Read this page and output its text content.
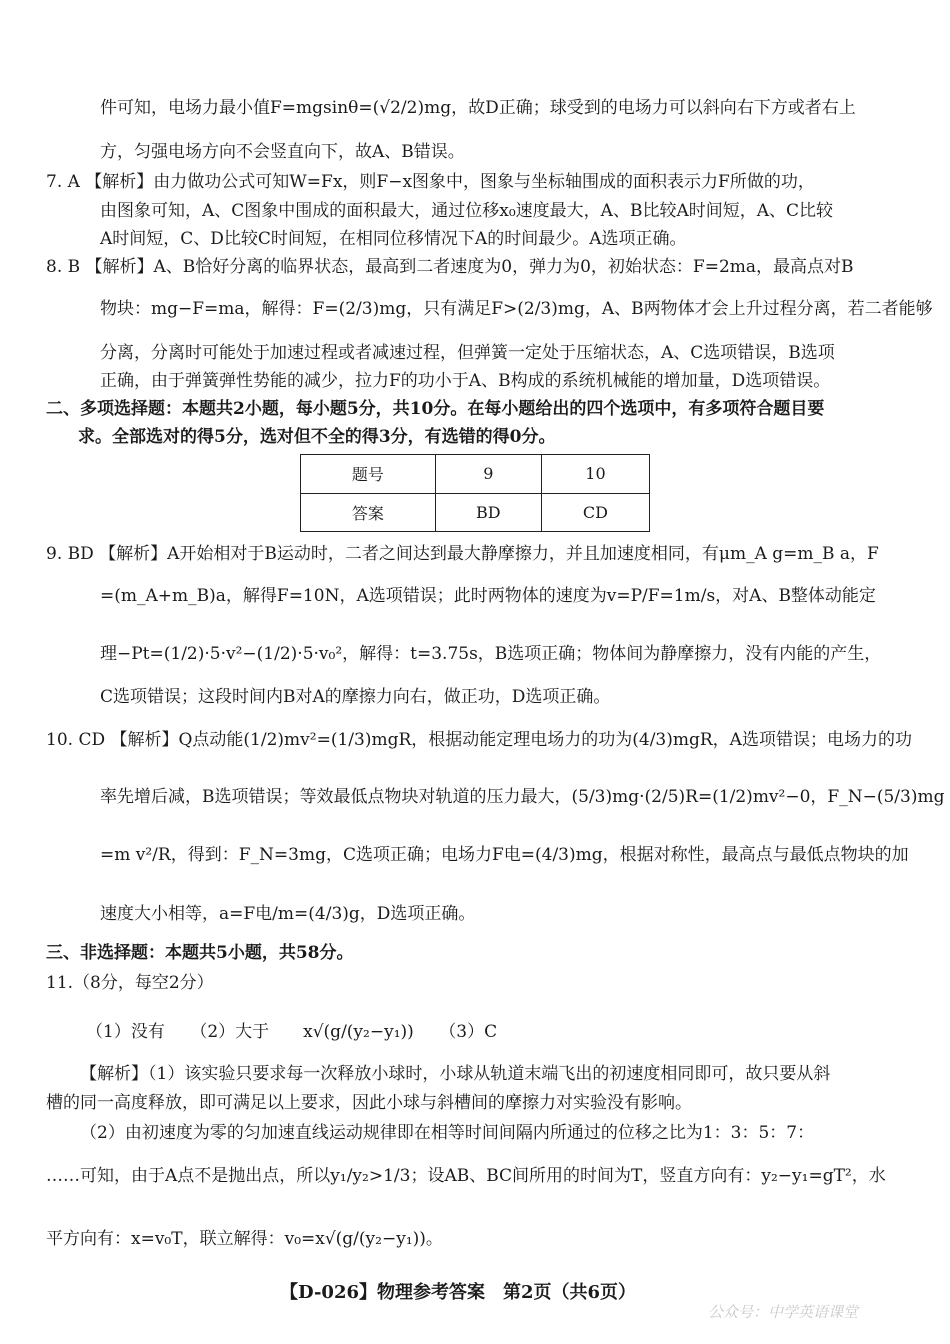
件可知，电场力最小值F=mgsinθ=(√2/2)mg，故D正确；球受到的电场力可以斜向右下方或者右上
方，匀强电场方向不会竖直向下，故A、B错误。
7. A 【解析】由力做功公式可知W=Fx，则F−x图象中，图象与坐标轴围成的面积表示力F所做的功，
由图象可知，A、C图象中围成的面积最大，通过位移x₀速度最大，A、B比较A时间短，A、C比较
A时间短，C、D比较C时间短，在相同位移情况下A的时间最少。A选项正确。
8. B 【解析】A、B恰好分离的临界状态，最高到二者速度为0，弹力为0，初始状态：F=2ma，最高点对B
物块：mg−F=ma，解得：F=(2/3)mg，只有满足F>(2/3)mg，A、B两物体才会上升过程分离，若二者能够
分离，分离时可能处于加速过程或者减速过程，但弹簧一定处于压缩状态，A、C选项错误，B选项
正确，由于弹簧弹性势能的减少，拉力F的功小于A、B构成的系统机械能的增加量，D选项错误。
二、多项选择题：本题共2小题，每小题5分，共10分。在每小题给出的四个选项中，有多项符合题目要
求。全部选对的得5分，选对但不全的得3分，有选错的得0分。
题号	9	10
答案	BD	CD
9. BD 【解析】A开始相对于B运动时，二者之间达到最大静摩擦力，并且加速度相同，有μm_A g=m_B a，F
=(m_A+m_B)a，解得F=10N，A选项错误；此时两物体的速度为v=P/F=1m/s，对A、B整体动能定
理−Pt=(1/2)·5·v²−(1/2)·5·v₀²，解得：t=3.75s，B选项正确；物体间为静摩擦力，没有内能的产生，
C选项错误；这段时间内B对A的摩擦力向右，做正功，D选项正确。
10. CD 【解析】Q点动能(1/2)mv²=(1/3)mgR，根据动能定理电场力的功为(4/3)mgR，A选项错误；电场力的功
率先增后减，B选项错误；等效最低点物块对轨道的压力最大，(5/3)mg·(2/5)R=(1/2)mv²−0，F_N−(5/3)mg
=m v²/R，得到：F_N=3mg，C选项正确；电场力F电=(4/3)mg，根据对称性，最高点与最低点物块的加
速度大小相等，a=F电/m=(4/3)g，D选项正确。
三、非选择题：本题共5小题，共58分。
11.（8分，每空2分）
（1）没有　　（2）大于　　x√(g/(y₂−y₁))　　（3）C
【解析】（1）该实验只要求每一次释放小球时，小球从轨道末端飞出的初速度相同即可，故只要从斜
槽的同一高度释放，即可满足以上要求，因此小球与斜槽间的摩擦力对实验没有影响。
（2）由初速度为零的匀加速直线运动规律即在相等时间间隔内所通过的位移之比为1：3：5：7：
……可知，由于A点不是抛出点，所以y₁/y₂>1/3；设AB、BC间所用的时间为T，竖直方向有：y₂−y₁=gT²，水
平方向有：x=v₀T，联立解得：v₀=x√(g/(y₂−y₁))。
【D-026】物理参考答案　第2页（共6页）
公众号：中学英语课堂
